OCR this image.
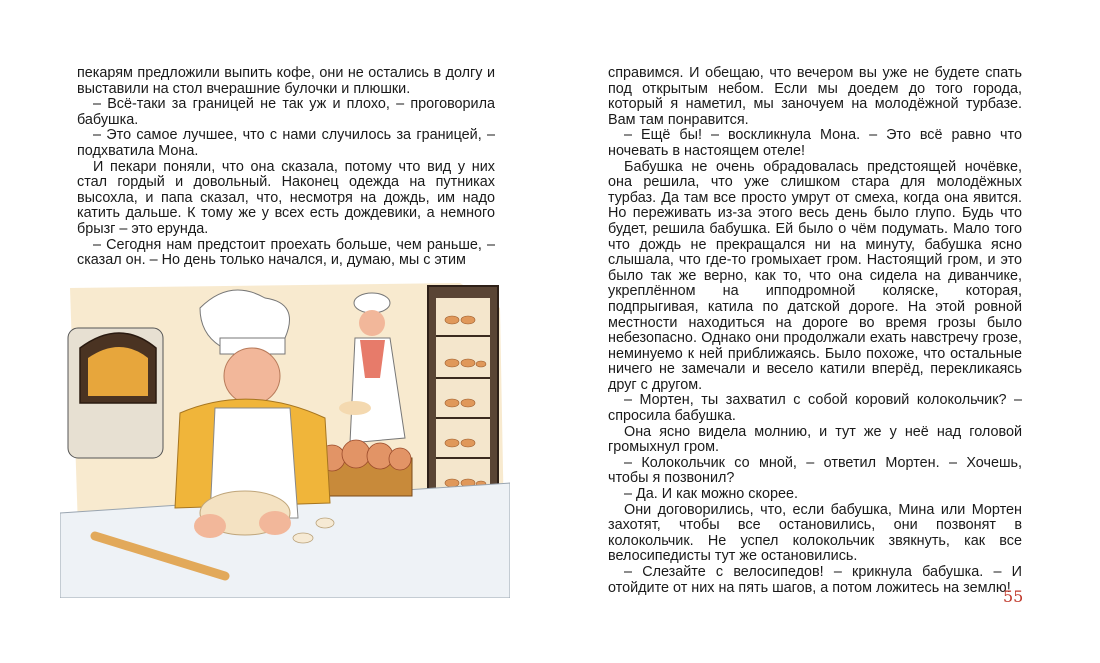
пекарям предложили выпить кофе, они не остались в долгу и выставили на стол вчерашние булочки и плюшки.

– Всё-таки за границей не так уж и плохо, – проговорила бабушка.

– Это самое лучшее, что с нами случилось за границей, – подхватила Мона.

И пекари поняли, что она сказала, потому что вид у них стал гордый и довольный. Наконец одежда на путниках высохла, и папа сказал, что, несмотря на дождь, им надо катить дальше. К тому же у всех есть дождевики, а немного брызг – это ерунда.

– Сегодня нам предстоит проехать больше, чем раньше, – сказал он. – Но день только начался, и, думаю, мы с этим

справимся. И обещаю, что вечером вы уже не будете спать под открытым небом. Если мы доедем до того города, который я наметил, мы заночуем на молодёжной турбазе. Вам там понравится.

– Ещё бы! – воскликнула Мона. – Это всё равно что ночевать в настоящем отеле!

Бабушка не очень обрадовалась предстоящей ночёвке, она решила, что уже слишком стара для молодёжных турбаз. Да там все просто умрут от смеха, когда она явится. Но переживать из-за этого весь день было глупо. Будь что будет, решила бабушка. Ей было о чём подумать. Мало того что дождь не прекращался ни на минуту, бабушка ясно слышала, что где-то громыхает гром. Настоящий гром, и это было так же верно, как то, что она сидела на диванчике, укреплённом на ипподромной коляске, которая, подпрыгивая, катила по датской дороге. На этой ровной местности находиться на дороге во время грозы было небезопасно. Однако они продолжали ехать навстречу грозе, неминуемо к ней приближаясь. Было похоже, что остальные ничего не замечали и весело катили вперёд, перекликаясь друг с другом.

– Мортен, ты захватил с собой коровий колокольчик? – спросила бабушка.

Она ясно видела молнию, и тут же у неё над головой громыхнул гром.

– Колокольчик со мной, – ответил Мортен. – Хочешь, чтобы я позвонил?

– Да. И как можно скорее.

Они договорились, что, если бабушка, Мина или Мортен захотят, чтобы все остановились, они позвонят в колокольчик. Не успел колокольчик звякнуть, как все велосипедисты тут же остановились.

– Слезайте с велосипедов! – крикнула бабушка. – И отойдите от них на пять шагов, а потом ложитесь на землю!

55
